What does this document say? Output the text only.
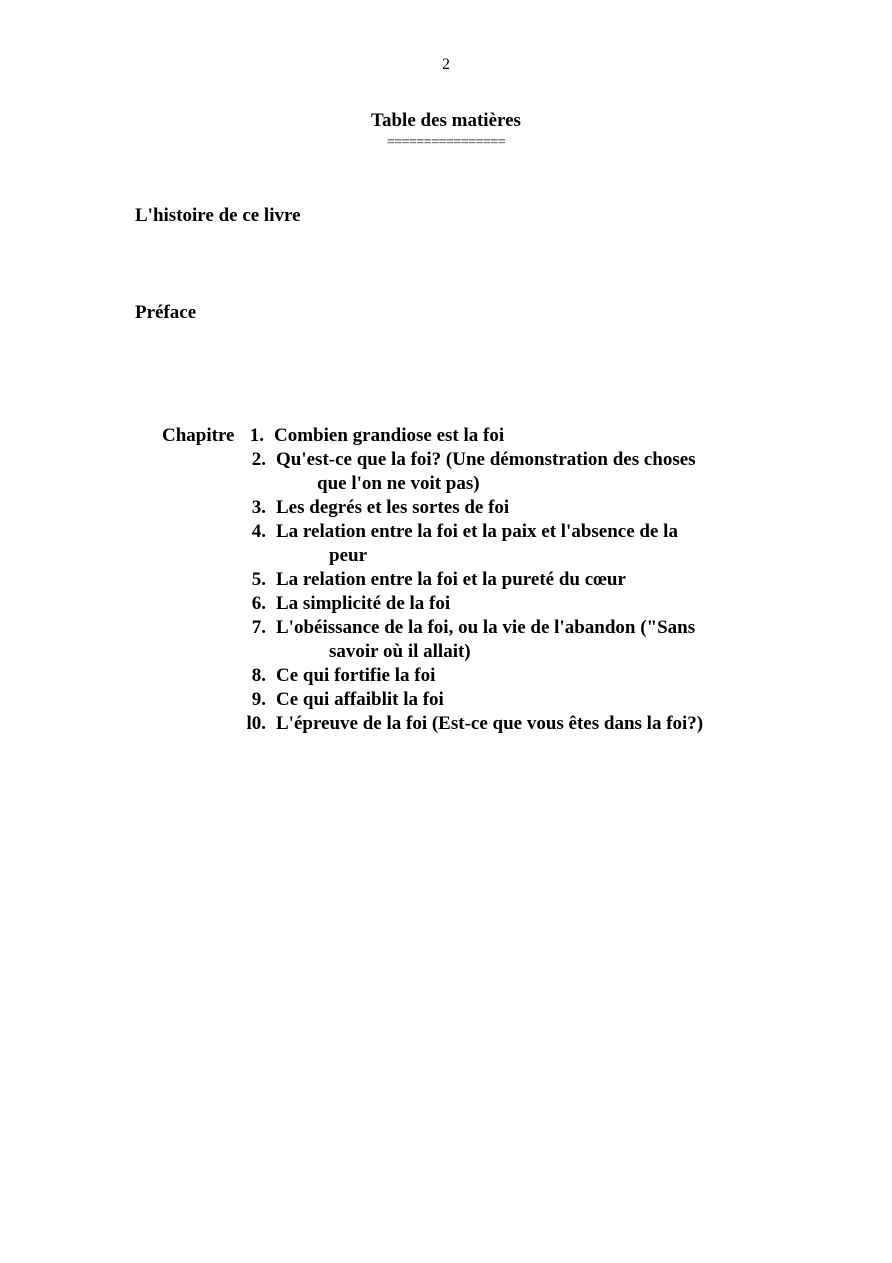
2
Table des matières
================
L'histoire de ce livre
Préface
Chapitre 1. Combien grandiose est la foi
2. Qu'est-ce que la foi? (Une démonstration des choses
que l'on ne voit pas)
3. Les degrés et les sortes de foi
4. La relation entre la foi et la paix et l'absence de la
peur
5. La relation entre la foi et la pureté du cœur
6. La simplicité de la foi
7. L'obéissance de la foi, ou la vie de l'abandon ("Sans
savoir où il allait)
8. Ce qui fortifie la foi
9. Ce qui affaiblit la foi
l0. L'épreuve de la foi (Est-ce que vous êtes dans la foi?)
